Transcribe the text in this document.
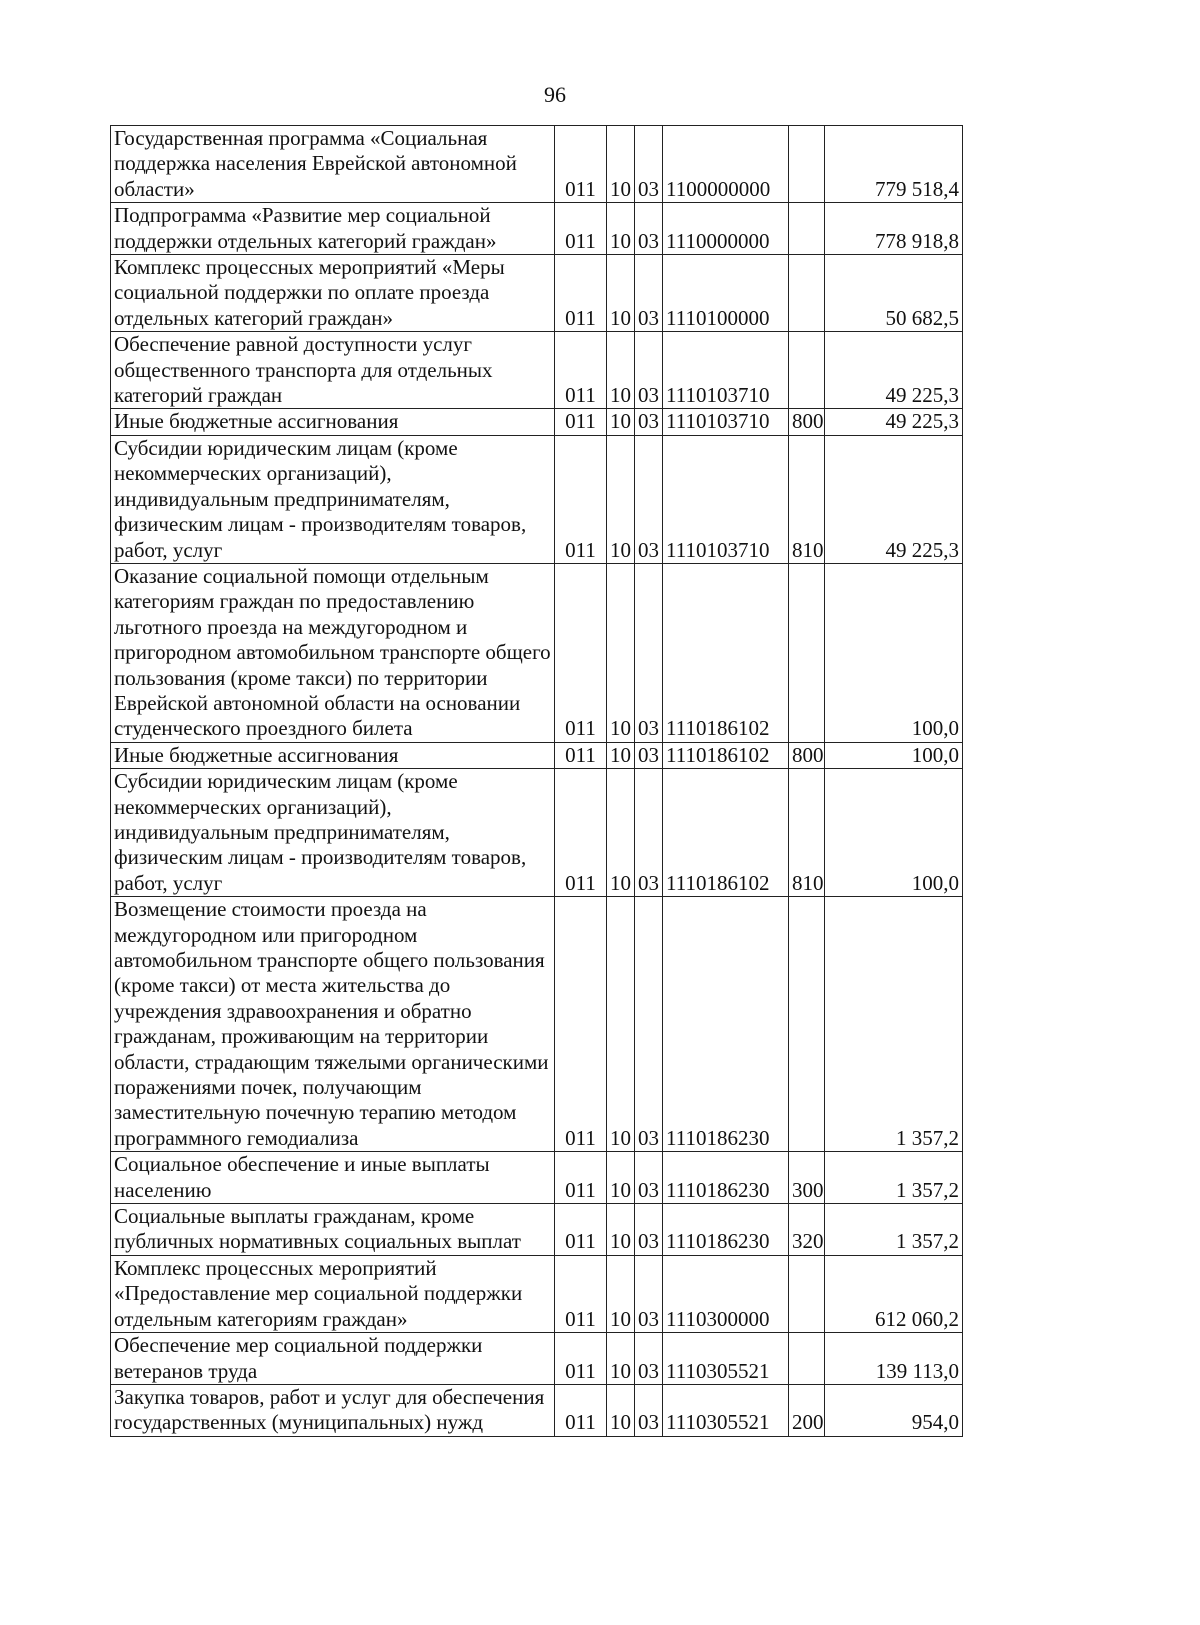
96
Государственная программа «Социальная поддержка населения Еврейской автономной области»	011	10	03	1100000000		779 518,4
Подпрограмма «Развитие мер социальной поддержки отдельных категорий граждан»	011	10	03	1110000000		778 918,8
Комплекс процессных мероприятий «Меры социальной поддержки по оплате проезда отдельных категорий граждан»	011	10	03	1110100000		50 682,5
Обеспечение равной доступности услуг общественного транспорта для отдельных категорий граждан	011	10	03	1110103710		49 225,3
Иные бюджетные ассигнования	011	10	03	1110103710	800	49 225,3
Субсидии юридическим лицам (кроме некоммерческих организаций), индивидуальным предпринимателям, физическим лицам - производителям товаров, работ, услуг	011	10	03	1110103710	810	49 225,3
Оказание социальной помощи отдельным категориям граждан по предоставлению льготного проезда на междугородном и пригородном автомобильном транспорте общего пользования (кроме такси) по территории Еврейской автономной области на основании студенческого проездного билета	011	10	03	1110186102		100,0
Иные бюджетные ассигнования	011	10	03	1110186102	800	100,0
Субсидии юридическим лицам (кроме некоммерческих организаций), индивидуальным предпринимателям, физическим лицам - производителям товаров, работ, услуг	011	10	03	1110186102	810	100,0
Возмещение стоимости проезда на междугородном или пригородном автомобильном транспорте общего пользования (кроме такси) от места жительства до учреждения здравоохранения и обратно гражданам, проживающим на территории области, страдающим тяжелыми органическими поражениями почек, получающим заместительную почечную терапию методом программного гемодиализа	011	10	03	1110186230		1 357,2
Социальное обеспечение и иные выплаты населению	011	10	03	1110186230	300	1 357,2
Социальные выплаты гражданам, кроме публичных нормативных социальных выплат	011	10	03	1110186230	320	1 357,2
Комплекс процессных мероприятий «Предоставление мер социальной поддержки отдельным категориям граждан»	011	10	03	1110300000		612 060,2
Обеспечение мер социальной поддержки ветеранов труда	011	10	03	1110305521		139 113,0
Закупка товаров, работ и услуг для обеспечения государственных (муниципальных) нужд	011	10	03	1110305521	200	954,0
